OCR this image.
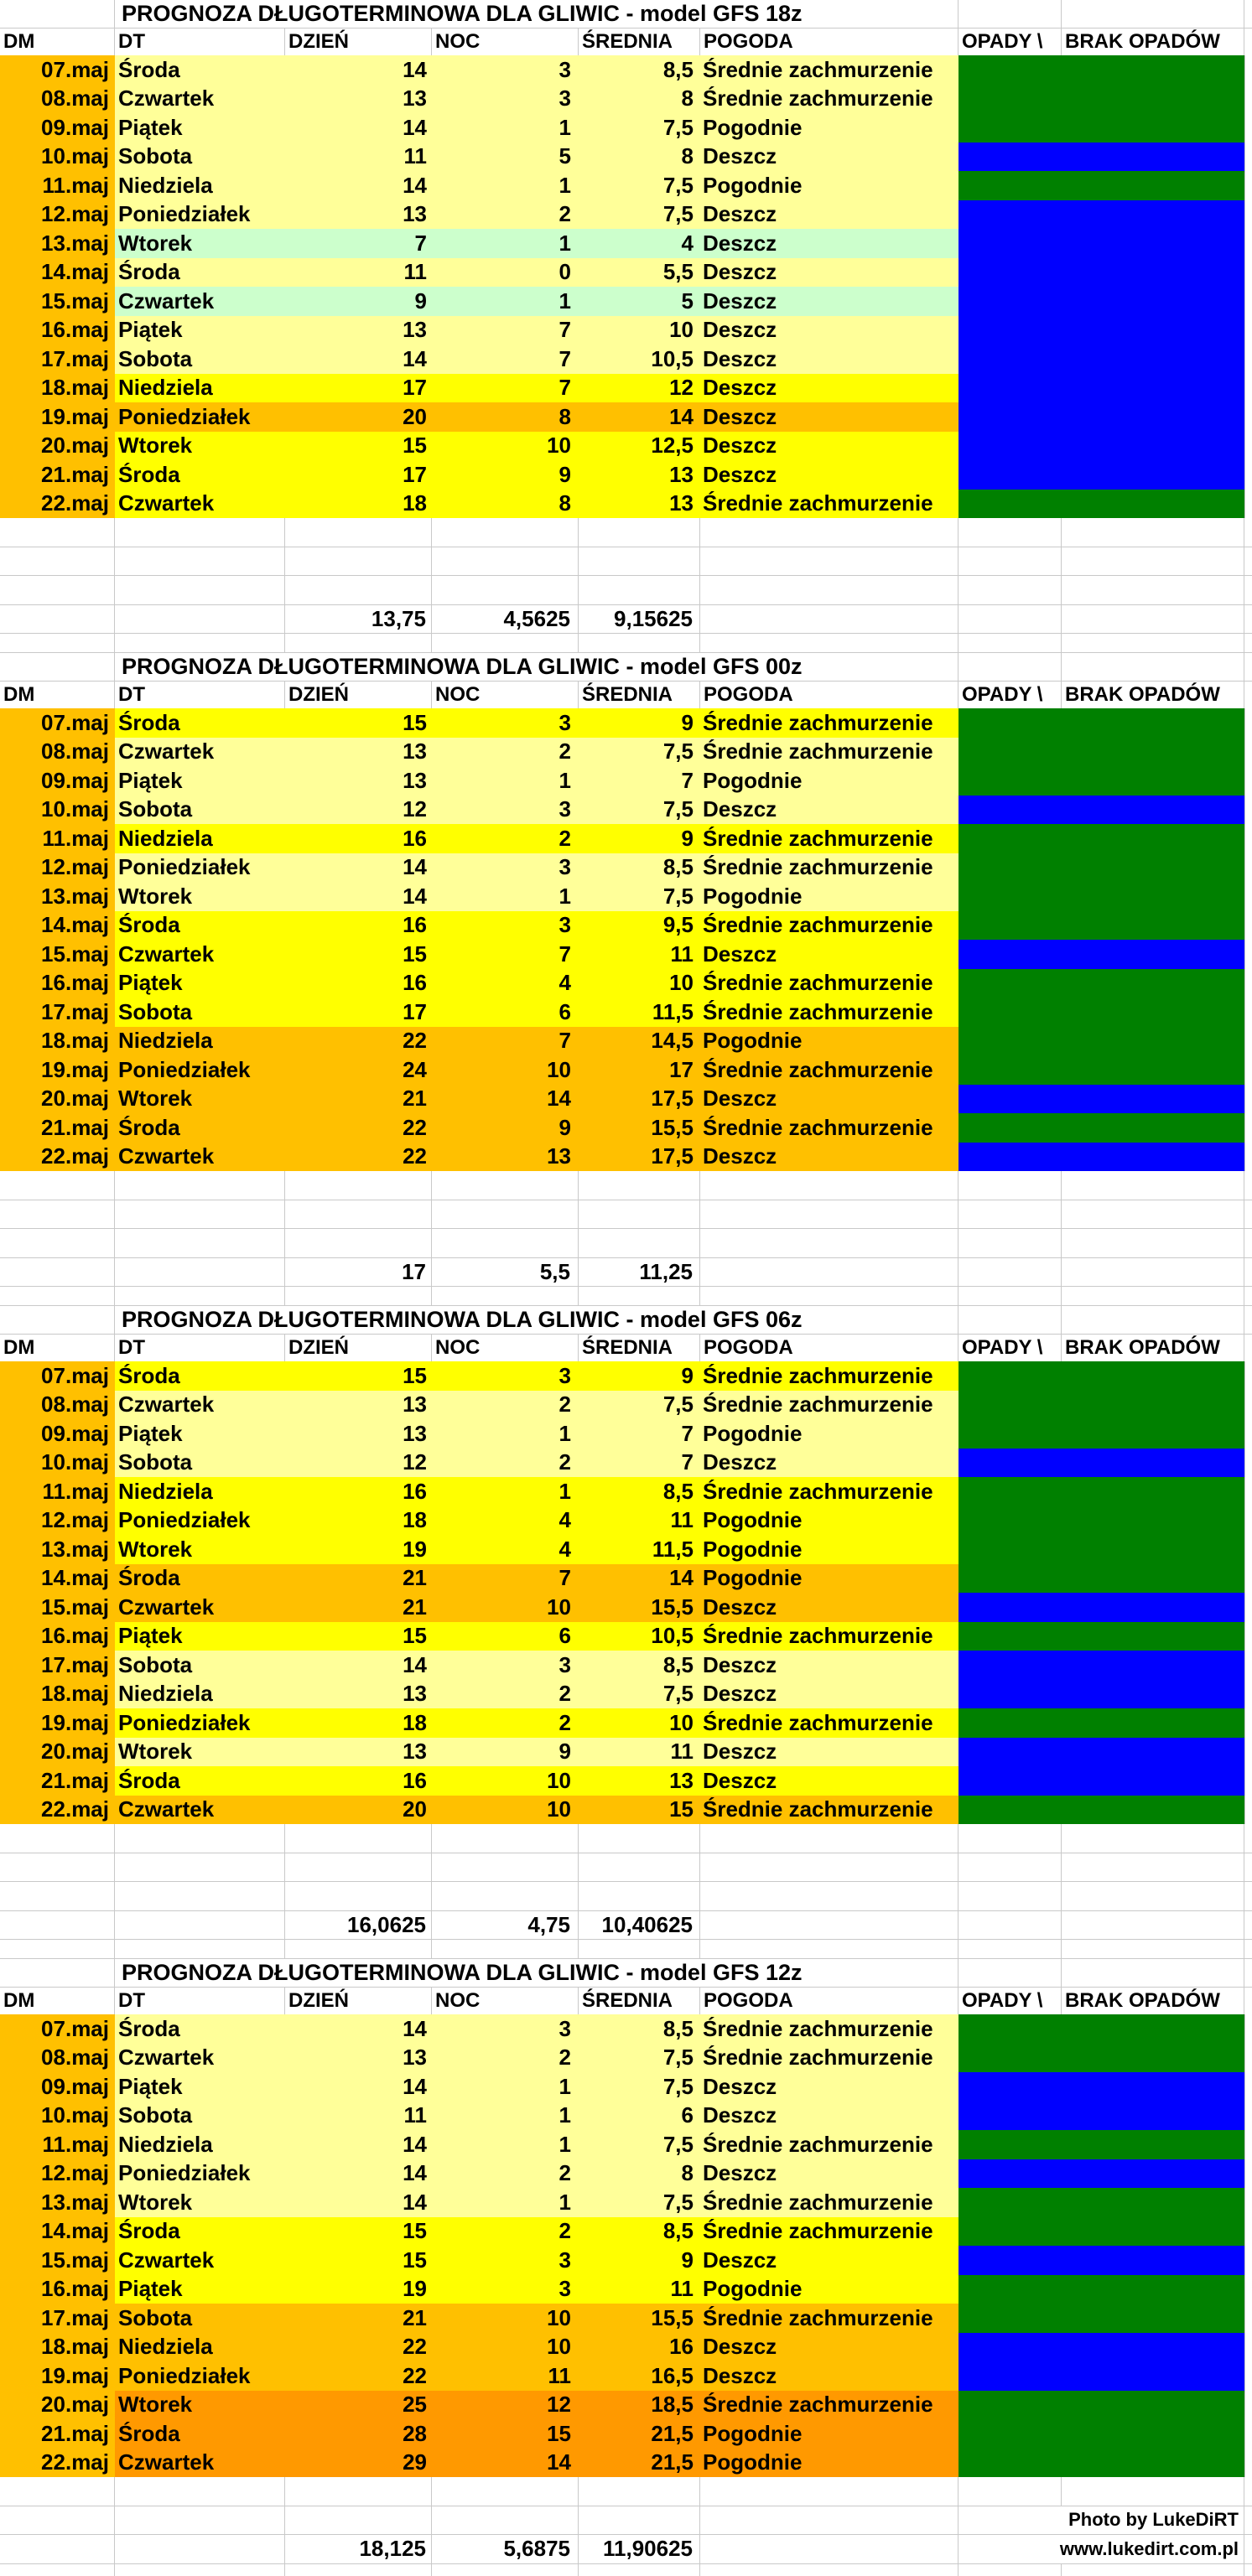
PROGNOZA DŁUGOTERMINOWA DLA GLIWIC - model GFS 18z
DM	DT	DZIEŃ	NOC	ŚREDNIA	POGODA	OPADY \	BRAK OPADÓW
07.maj Środa	14	3	8,5 Średnie zachmurzenie
08.maj Czwartek	13	3	8 Średnie zachmurzenie
09.maj Piątek	14	1	7,5 Pogodnie
10.maj Sobota	11	5	8 Deszcz
11.maj Niedziela	14	1	7,5 Pogodnie
12.maj Poniedziałek	13	2	7,5 Deszcz
13.maj Wtorek	7	1	4 Deszcz
14.maj Środa	11	0	5,5 Deszcz
15.maj Czwartek	9	1	5 Deszcz
16.maj Piątek	13	7	10 Deszcz
17.maj Sobota	14	7	10,5 Deszcz
18.maj Niedziela	17	7	12 Deszcz
19.maj Poniedziałek	20	8	14 Deszcz
20.maj Wtorek	15	10	12,5 Deszcz
21.maj Środa	17	9	13 Deszcz
22.maj Czwartek	18	8	13 Średnie zachmurzenie
13,75	4,5625	9,15625
PROGNOZA DŁUGOTERMINOWA DLA GLIWIC - model GFS 00z
DM	DT	DZIEŃ	NOC	ŚREDNIA	POGODA	OPADY \	BRAK OPADÓW
07.maj Środa	15	3	9 Średnie zachmurzenie
08.maj Czwartek	13	2	7,5 Średnie zachmurzenie
09.maj Piątek	13	1	7 Pogodnie
10.maj Sobota	12	3	7,5 Deszcz
11.maj Niedziela	16	2	9 Średnie zachmurzenie
12.maj Poniedziałek	14	3	8,5 Średnie zachmurzenie
13.maj Wtorek	14	1	7,5 Pogodnie
14.maj Środa	16	3	9,5 Średnie zachmurzenie
15.maj Czwartek	15	7	11 Deszcz
16.maj Piątek	16	4	10 Średnie zachmurzenie
17.maj Sobota	17	6	11,5 Średnie zachmurzenie
18.maj Niedziela	22	7	14,5 Pogodnie
19.maj Poniedziałek	24	10	17 Średnie zachmurzenie
20.maj Wtorek	21	14	17,5 Deszcz
21.maj Środa	22	9	15,5 Średnie zachmurzenie
22.maj Czwartek	22	13	17,5 Deszcz
17	5,5	11,25
PROGNOZA DŁUGOTERMINOWA DLA GLIWIC - model GFS 06z
DM	DT	DZIEŃ	NOC	ŚREDNIA	POGODA	OPADY \	BRAK OPADÓW
07.maj Środa	15	3	9 Średnie zachmurzenie
08.maj Czwartek	13	2	7,5 Średnie zachmurzenie
09.maj Piątek	13	1	7 Pogodnie
10.maj Sobota	12	2	7 Deszcz
11.maj Niedziela	16	1	8,5 Średnie zachmurzenie
12.maj Poniedziałek	18	4	11 Pogodnie
13.maj Wtorek	19	4	11,5 Pogodnie
14.maj Środa	21	7	14 Pogodnie
15.maj Czwartek	21	10	15,5 Deszcz
16.maj Piątek	15	6	10,5 Średnie zachmurzenie
17.maj Sobota	14	3	8,5 Deszcz
18.maj Niedziela	13	2	7,5 Deszcz
19.maj Poniedziałek	18	2	10 Średnie zachmurzenie
20.maj Wtorek	13	9	11 Deszcz
21.maj Środa	16	10	13 Deszcz
22.maj Czwartek	20	10	15 Średnie zachmurzenie
16,0625	4,75	10,40625
PROGNOZA DŁUGOTERMINOWA DLA GLIWIC - model GFS 12z
DM	DT	DZIEŃ	NOC	ŚREDNIA	POGODA	OPADY \	BRAK OPADÓW
07.maj Środa	14	3	8,5 Średnie zachmurzenie
08.maj Czwartek	13	2	7,5 Średnie zachmurzenie
09.maj Piątek	14	1	7,5 Deszcz
10.maj Sobota	11	1	6 Deszcz
11.maj Niedziela	14	1	7,5 Średnie zachmurzenie
12.maj Poniedziałek	14	2	8 Deszcz
13.maj Wtorek	14	1	7,5 Średnie zachmurzenie
14.maj Środa	15	2	8,5 Średnie zachmurzenie
15.maj Czwartek	15	3	9 Deszcz
16.maj Piątek	19	3	11 Pogodnie
17.maj Sobota	21	10	15,5 Średnie zachmurzenie
18.maj Niedziela	22	10	16 Deszcz
19.maj Poniedziałek	22	11	16,5 Deszcz
20.maj Wtorek	25	12	18,5 Średnie zachmurzenie
21.maj Środa	28	15	21,5 Pogodnie
22.maj Czwartek	29	14	21,5 Pogodnie
Photo by LukeDiRT
18,125	5,6875	11,90625	www.lukedirt.com.pl
